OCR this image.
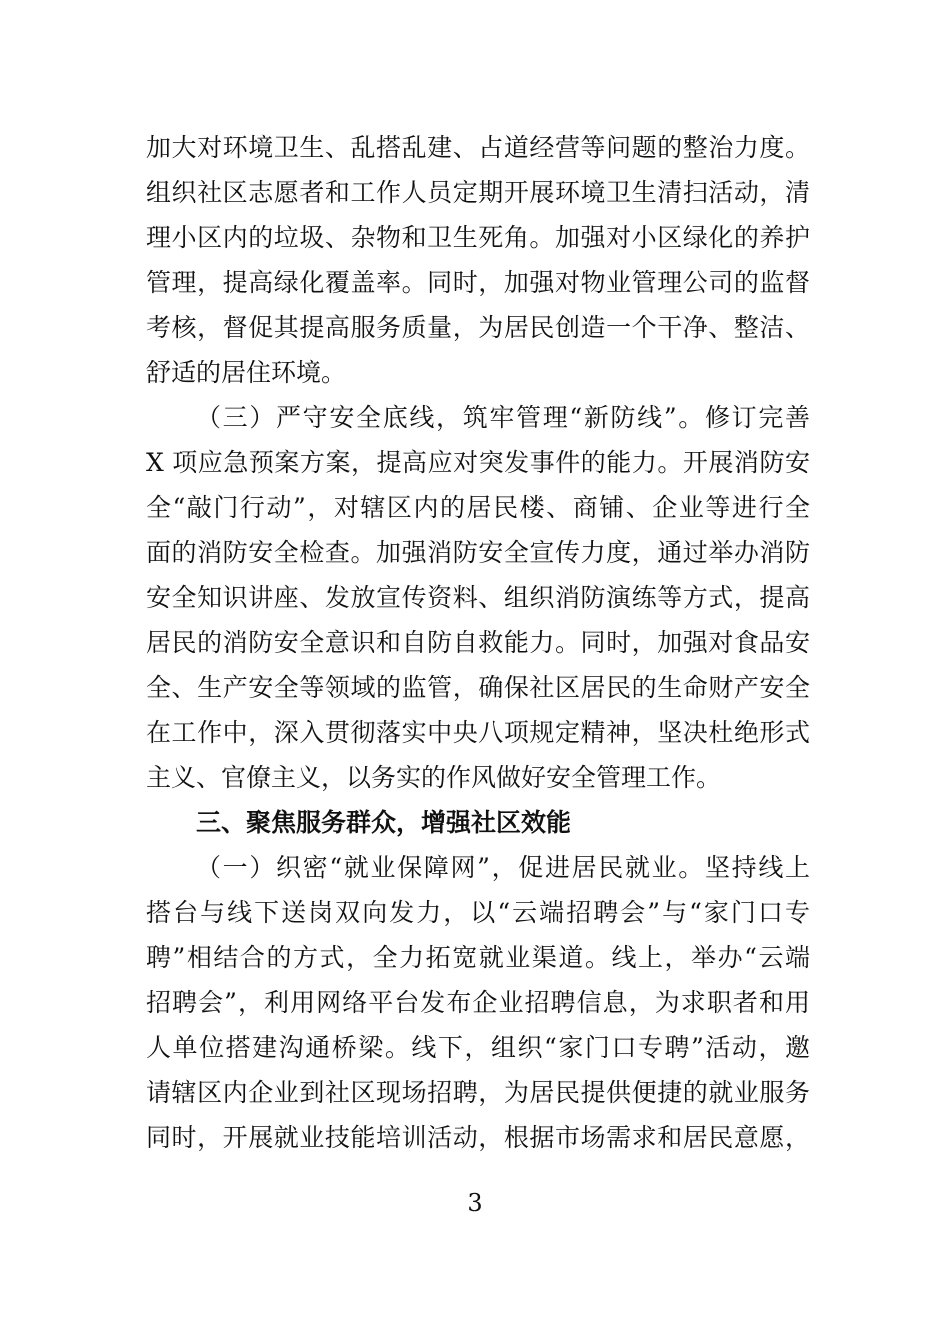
加大对环境卫生、乱搭乱建、占道经营等问题的整治力度。
组织社区志愿者和工作人员定期开展环境卫生清扫活动，清
理小区内的垃圾、杂物和卫生死角。加强对小区绿化的养护
管理，提高绿化覆盖率。同时，加强对物业管理公司的监督
考核，督促其提高服务质量，为居民创造一个干净、整洁、
舒适的居住环境。
（三）严守安全底线，筑牢管理“新防线”。修订完善
X 项应急预案方案，提高应对突发事件的能力。开展消防安
全“敲门行动”，对辖区内的居民楼、商铺、企业等进行全
面的消防安全检查。加强消防安全宣传力度，通过举办消防
安全知识讲座、发放宣传资料、组织消防演练等方式，提高
居民的消防安全意识和自防自救能力。同时，加强对食品安
全、生产安全等领域的监管，确保社区居民的生命财产安全
在工作中，深入贯彻落实中央八项规定精神，坚决杜绝形式
主义、官僚主义，以务实的作风做好安全管理工作。
三、聚焦服务群众，增强社区效能
（一）织密“就业保障网”，促进居民就业。坚持线上
搭台与线下送岗双向发力，以“云端招聘会”与“家门口专
聘”相结合的方式，全力拓宽就业渠道。线上，举办“云端
招聘会”，利用网络平台发布企业招聘信息，为求职者和用
人单位搭建沟通桥梁。线下，组织“家门口专聘”活动，邀
请辖区内企业到社区现场招聘，为居民提供便捷的就业服务
同时，开展就业技能培训活动，根据市场需求和居民意愿，
3
